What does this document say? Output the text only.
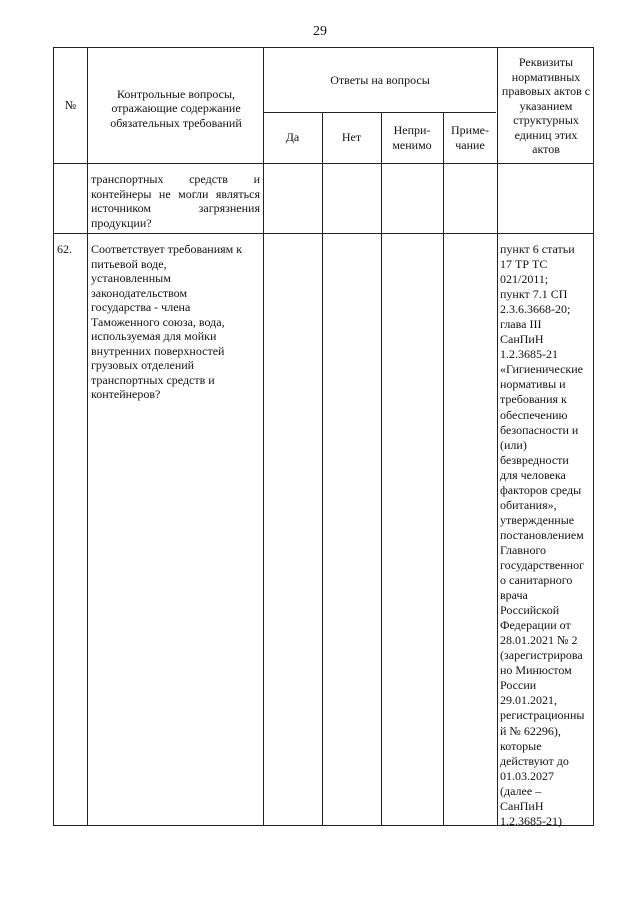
29
№
Контрольные вопросы, отражающие содержание обязательных требований
Ответы на вопросы
Да	Нет
Непри-
менимо
Приме-
чание
Реквизиты нормативных правовых актов с указанием структурных единиц этих актов
транспортных средств и
контейнеры не могли являться
источником загрязнения
продукции?
62.	Соответствует требованиям к
питьевой воде,
установленным
законодательством
государства - члена
Таможенного союза, вода,
используемая для мойки
внутренних поверхностей
грузовых отделений
транспортных средств и
контейнеров?
пункт 6 статьи
17 ТР ТС
021/2011;
пункт 7.1 СП
2.3.6.3668-20;
глава III
СанПиН
1.2.3685-21
«Гигиенические
нормативы и
требования к
обеспечению
безопасности и
(или)
безвредности
для человека
факторов среды
обитания»,
утвержденные
постановлением
Главного
государственног
о санитарного
врача
Российской
Федерации от
28.01.2021 № 2
(зарегистрирова
но Минюстом
России
29.01.2021,
регистрационны
й № 62296),
которые
действуют до
01.03.2027
(далее –
СанПиН
1.2.3685-21)
